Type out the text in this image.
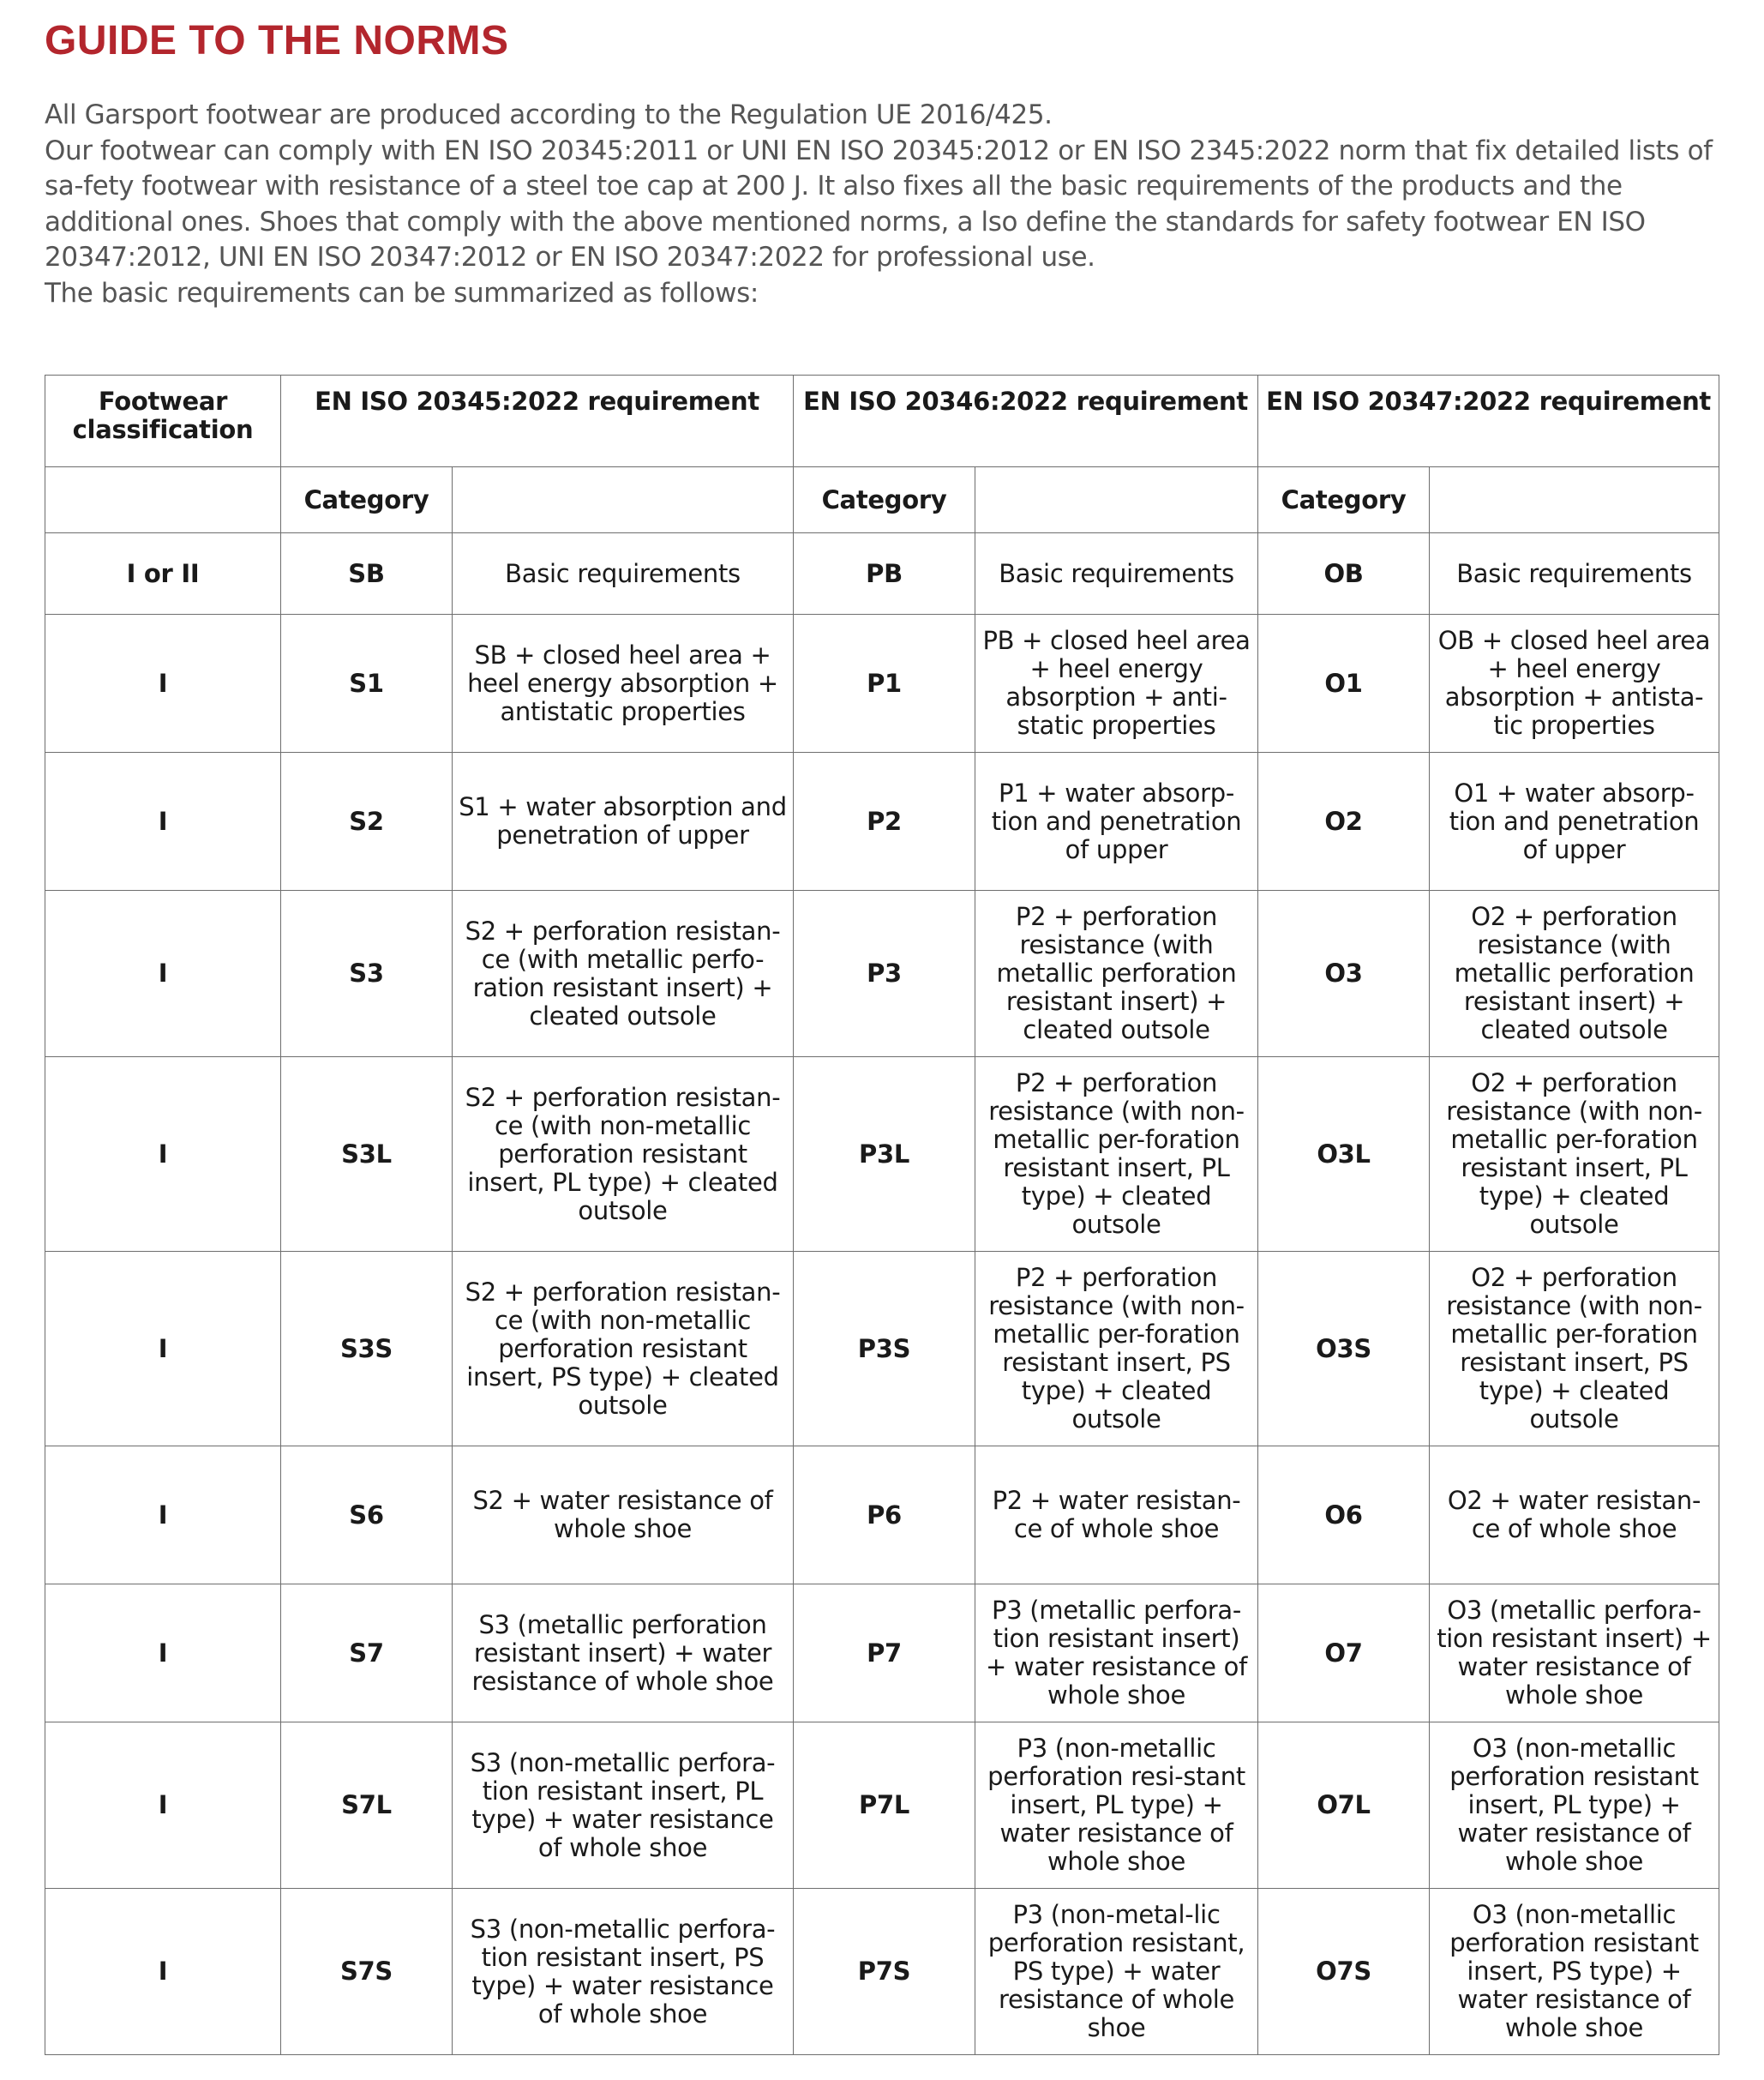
GUIDE TO THE NORMS

All Garsport footwear are produced according to the Regulation UE 2016/425.

Our footwear can comply with EN ISO 20345:2011 or UNI EN ISO 20345:2012 or EN ISO 2345:2022 norm that fix detailed lists of sa-fety footwear with resistance of a steel toe cap at 200 J. It also fixes all the basic requirements of the products and the additional ones. Shoes that comply with the above mentioned norms, a lso define the standards for safety footwear EN ISO 20347:2012, UNI EN ISO 20347:2012 or EN ISO 20347:2022 for professional use.

The basic requirements can be summarized as follows:

Footwear classification	EN ISO 20345:2022 requirement		EN ISO 20346:2022 requirement		EN ISO 20347:2022 requirement	
	Category		Category		Category	
I or II	SB	Basic requirements	PB	Basic requirements	OB	Basic requirements
I	S1	SB + closed heel area + heel energy absorption + antistatic properties	P1	PB + closed heel area + heel energy absorption + anti-static properties	O1	OB + closed heel area + heel energy absorption + antista-tic properties
I	S2	S1 + water absorption and penetration of upper	P2	P1 + water absorp-tion and penetration of upper	O2	O1 + water absorp-tion and penetration of upper
I	S3	S2 + perforation resistan-ce (with metallic perfo-ration resistant insert) + cleated outsole	P3	P2 + perforation resistance (with metallic perforation resistant insert) + cleated outsole	O3	O2 + perforation resistance (with metallic perforation resistant insert) + cleated outsole
I	S3L	S2 + perforation resistan-ce (with non-metallic perforation resistant insert, PL type) + cleated outsole	P3L	P2 + perforation resistance (with non-metallic per-foration resistant insert, PL type) + cleated outsole	O3L	O2 + perforation resistance (with non-metallic per-foration resistant insert, PL type) + cleated outsole
I	S3S	S2 + perforation resistan-ce (with non-metallic perforation resistant insert, PS type) + cleated outsole	P3S	P2 + perforation resistance (with non-metallic per-foration resistant insert, PS type) + cleated outsole	O3S	O2 + perforation resistance (with non-metallic per-foration resistant insert, PS type) + cleated outsole
I	S6	S2 + water resistance of whole shoe	P6	P2 + water resistan-ce of whole shoe	O6	O2 + water resistan-ce of whole shoe
I	S7	S3 (metallic perforation resistant insert) + water resistance of whole shoe	P7	P3 (metallic perfora-tion resistant insert) + water resistance of whole shoe	O7	O3 (metallic perfora-tion resistant insert) + water resistance of whole shoe
I	S7L	S3 (non-metallic perfora-tion resistant insert, PL type) + water resistance of whole shoe	P7L	P3 (non-metallic perforation resi-stant insert, PL type) + water resistance of whole shoe	O7L	O3 (non-metallic perforation resistant insert, PL type) + water resistance of whole shoe
I	S7S	S3 (non-metallic perfora-tion resistant insert, PS type) + water resistance of whole shoe	P7S	P3 (non-metal-lic perforation resistant, PS type) + water resistance of whole shoe	O7S	O3 (non-metallic perforation resistant insert, PS type) + water resistance of whole shoe
